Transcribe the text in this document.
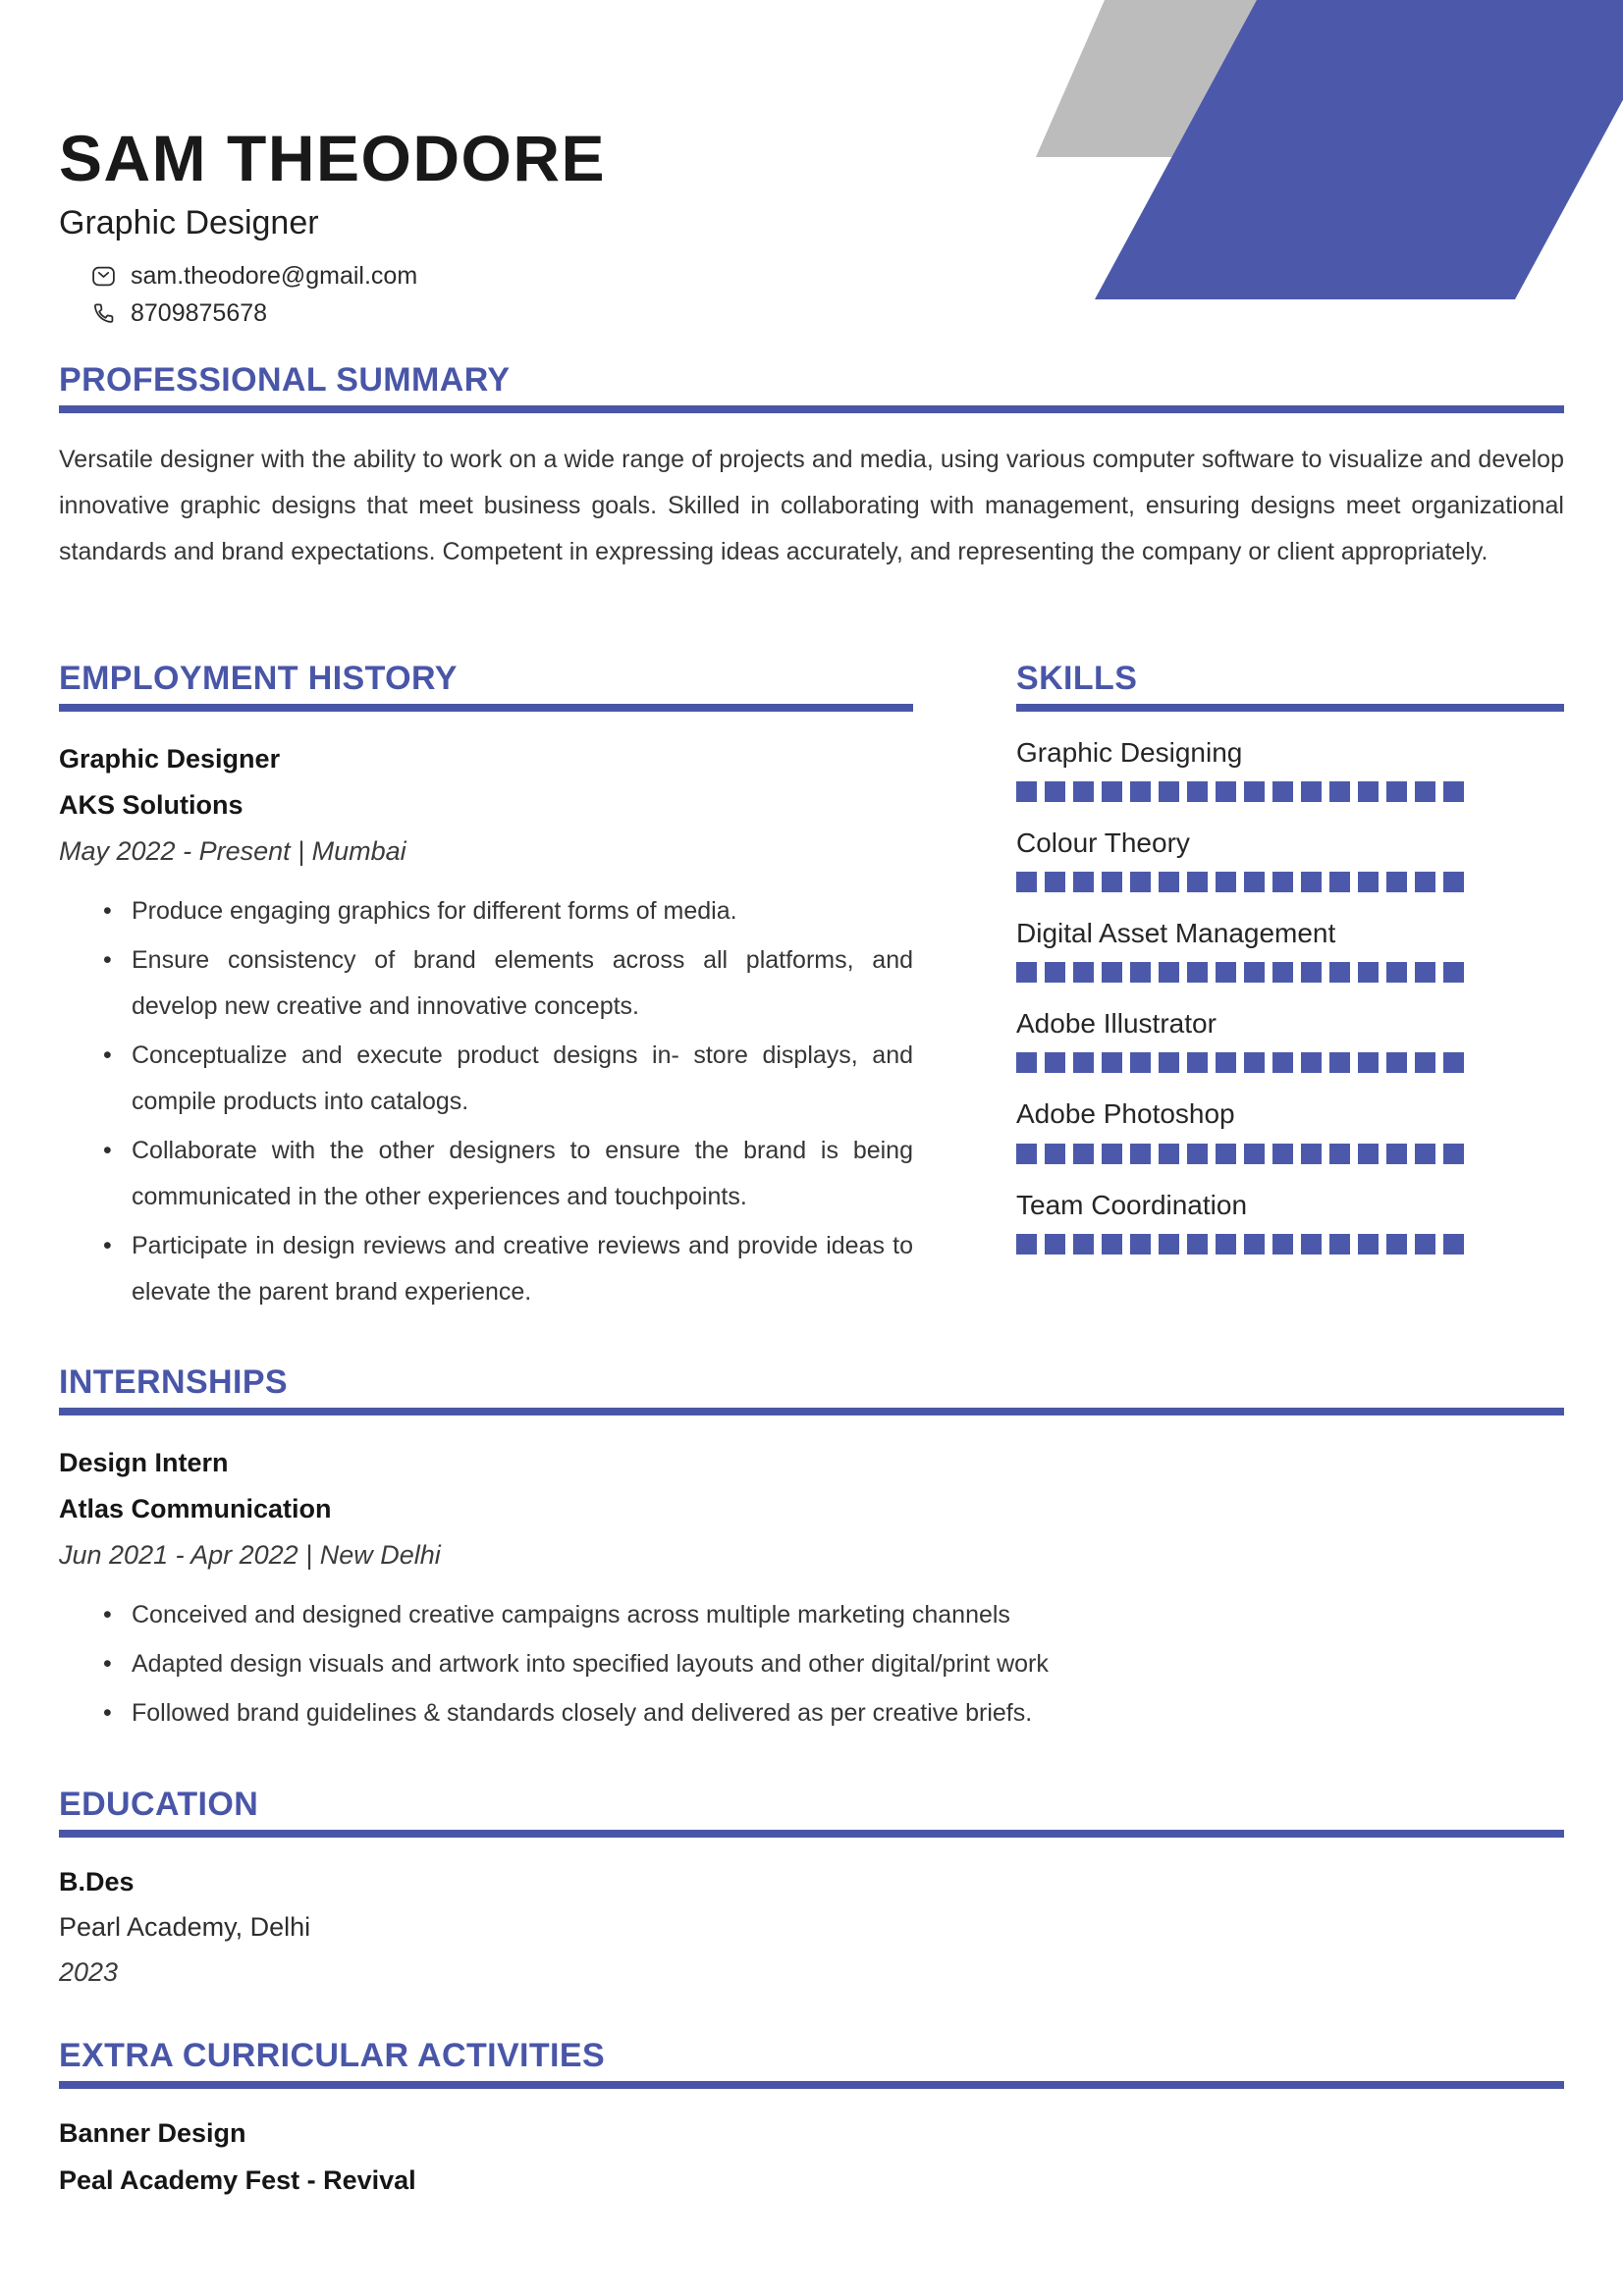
SAM THEODORE
Graphic Designer
sam.theodore@gmail.com
8709875678
PROFESSIONAL SUMMARY

Versatile designer with the ability to work on a wide range of projects and media, using various computer software to visualize and develop innovative graphic designs that meet business goals. Skilled in collaborating with management, ensuring designs meet organizational standards and brand expectations. Competent in expressing ideas accurately, and representing the company or client appropriately.

EMPLOYMENT HISTORY
Graphic Designer
AKS Solutions
May 2022 - Present | Mumbai
• Produce engaging graphics for different forms of media.
• Ensure consistency of brand elements across all platforms, and develop new creative and innovative concepts.
• Conceptualize and execute product designs in- store displays, and compile products into catalogs.
• Collaborate with the other designers to ensure the brand is being communicated in the other experiences and touchpoints.
• Participate in design reviews and creative reviews and provide ideas to elevate the parent brand experience.
SKILLS
Graphic Designing
Colour Theory
Digital Asset Management
Adobe Illustrator
Adobe Photoshop
Team Coordination
INTERNSHIPS
Design Intern
Atlas Communication
Jun 2021 - Apr 2022 | New Delhi
• Conceived and designed creative campaigns across multiple marketing channels
• Adapted design visuals and artwork into specified layouts and other digital/print work
• Followed brand guidelines & standards closely and delivered as per creative briefs.
EDUCATION
B.Des
Pearl Academy, Delhi
2023
EXTRA CURRICULAR ACTIVITIES
Banner Design
Peal Academy Fest - Revival
